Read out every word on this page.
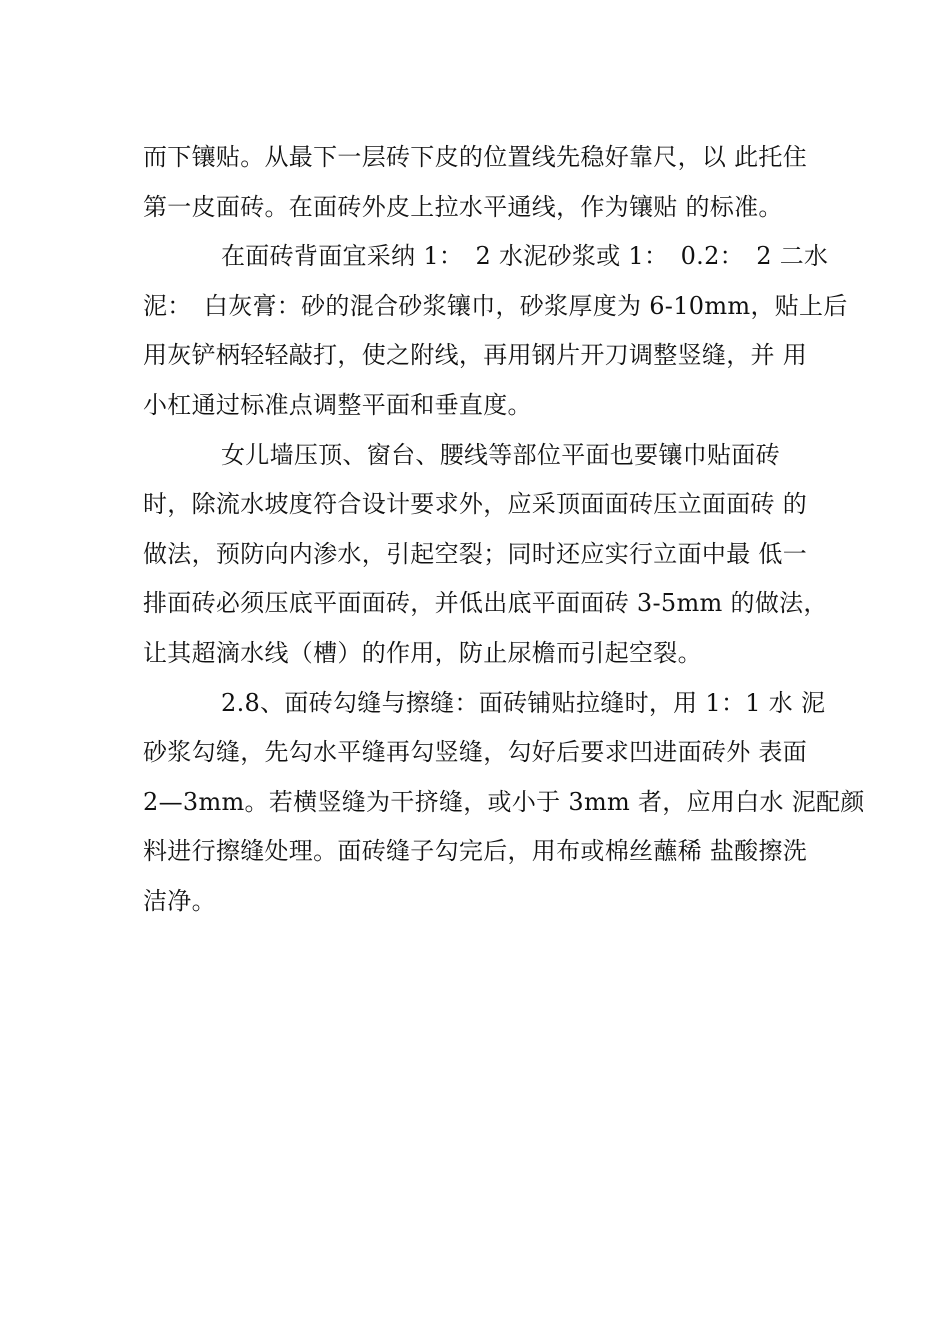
而下镶贴。从最下一层砖下皮的位置线先稳好靠尺，以 此托住
第一皮面砖。在面砖外皮上拉水平通线，作为镶贴 的标准。
在面砖背面宜采纳 1：　2 水泥砂浆或 1：　0.2：　2 二水
泥：　白灰膏：砂的混合砂浆镶巾，砂浆厚度为 6-10mm，贴上后
用灰铲柄轻轻敲打，使之附线，再用钢片开刀调整竖缝，并 用
小杠通过标准点调整平面和垂直度。
女儿墙压顶、窗台、腰线等部位平面也要镶巾贴面砖
时，除流水坡度符合设计要求外，应采顶面面砖压立面面砖 的
做法，预防向内渗水，引起空裂；同时还应实行立面中最 低一
排面砖必须压底平面面砖，并低出底平面面砖 3-5mm 的做法，
让其超滴水线（槽）的作用，防止尿檐而引起空裂。
2.8、面砖勾缝与擦缝：面砖铺贴拉缝时，用 1：1 水 泥
砂浆勾缝，先勾水平缝再勾竖缝，勾好后要求凹进面砖外 表面
2—3mm。若横竖缝为干挤缝，或小于 3mm 者，应用白水 泥配颜
料进行擦缝处理。面砖缝子勾完后，用布或棉丝蘸稀 盐酸擦洗
洁净。
